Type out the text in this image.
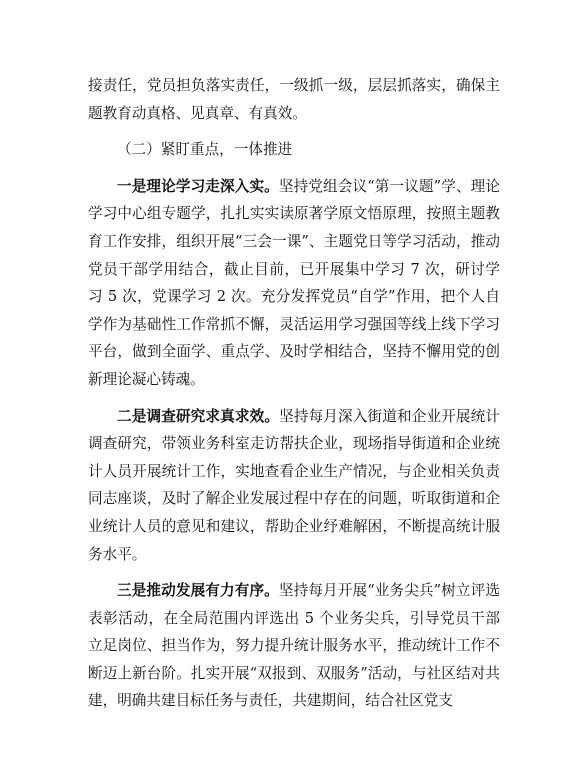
接责任，党员担负落实责任，一级抓一级，层层抓落实，确保主题教育动真格、见真章、有真效。

（二）紧盯重点，一体推进

一是理论学习走深入实。坚持党组会议“第一议题”学、理论学习中心组专题学，扎扎实实读原著学原文悟原理，按照主题教育工作安排，组织开展“三会一课”、主题党日等学习活动，推动党员干部学用结合，截止目前，已开展集中学习 7 次，研讨学习 5 次，党课学习 2 次。充分发挥党员“自学”作用，把个人自学作为基础性工作常抓不懈，灵活运用学习强国等线上线下学习平台，做到全面学、重点学、及时学相结合，坚持不懈用党的创新理论凝心铸魂。

二是调查研究求真求效。坚持每月深入街道和企业开展统计调查研究，带领业务科室走访帮扶企业，现场指导街道和企业统计人员开展统计工作，实地查看企业生产情况，与企业相关负责同志座谈，及时了解企业发展过程中存在的问题，听取街道和企业统计人员的意见和建议，帮助企业纾难解困，不断提高统计服务水平。

三是推动发展有力有序。坚持每月开展“业务尖兵”树立评选表彰活动，在全局范围内评选出 5 个业务尖兵，引导党员干部立足岗位、担当作为，努力提升统计服务水平，推动统计工作不断迈上新台阶。扎实开展“双报到、双服务”活动，与社区结对共建，明确共建目标任务与责任，共建期间，结合社区党支
